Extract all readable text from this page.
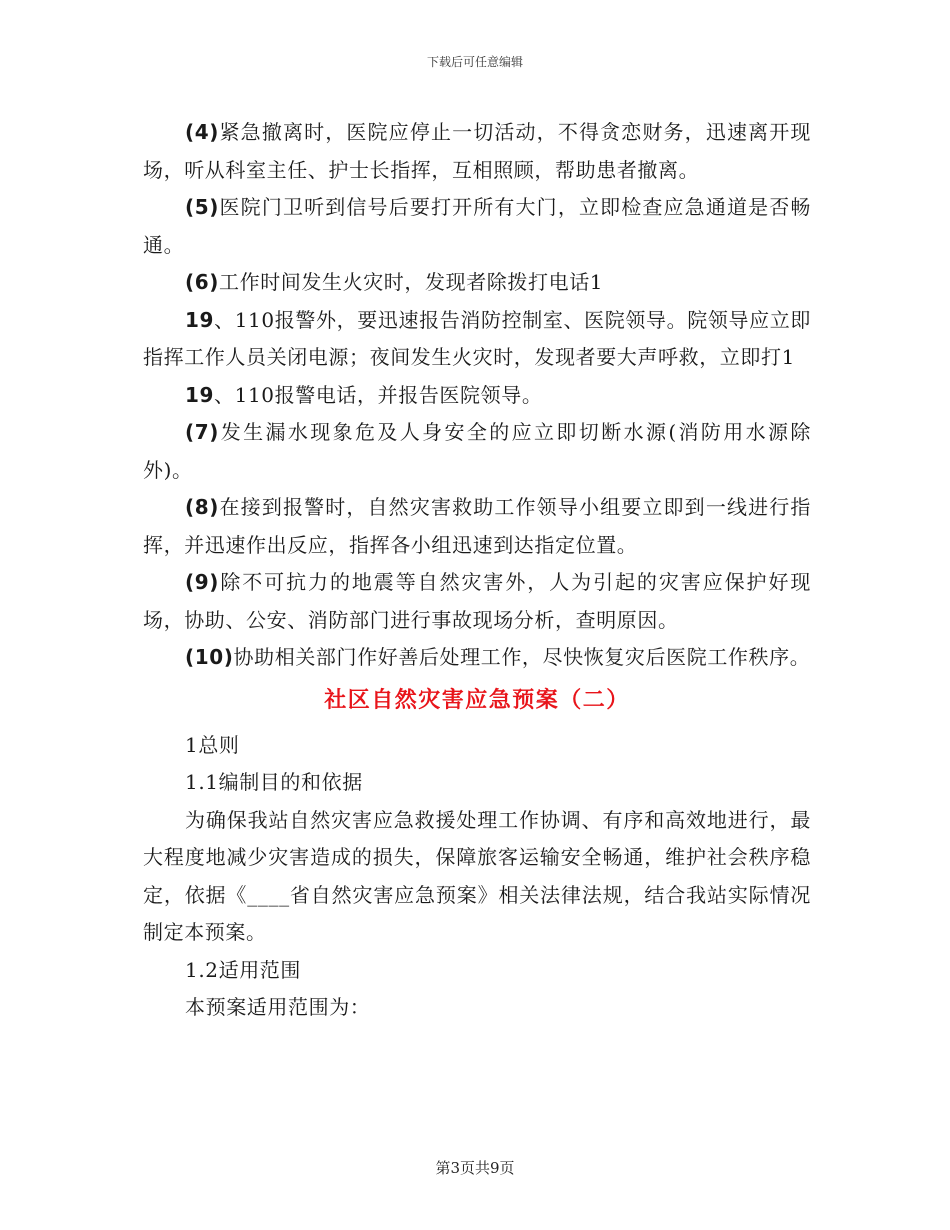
下载后可任意编辑

(4)紧急撤离时，医院应停止一切活动，不得贪恋财务，迅速离开现场，听从科室主任、护士长指挥，互相照顾，帮助患者撤离。

(5)医院门卫听到信号后要打开所有大门，立即检查应急通道是否畅通。

(6)工作时间发生火灾时，发现者除拨打电话1

19、110报警外，要迅速报告消防控制室、医院领导。院领导应立即指挥工作人员关闭电源；夜间发生火灾时，发现者要大声呼救，立即打1

19、110报警电话，并报告医院领导。

(7)发生漏水现象危及人身安全的应立即切断水源(消防用水源除外)。

(8)在接到报警时，自然灾害救助工作领导小组要立即到一线进行指挥，并迅速作出反应，指挥各小组迅速到达指定位置。

(9)除不可抗力的地震等自然灾害外，人为引起的灾害应保护好现场，协助、公安、消防部门进行事故现场分析，查明原因。

(10)协助相关部门作好善后处理工作，尽快恢复灾后医院工作秩序。

社区自然灾害应急预案（二）

1总则

1.1编制目的和依据

为确保我站自然灾害应急救援处理工作协调、有序和高效地进行，最大程度地减少灾害造成的损失，保障旅客运输安全畅通，维护社会秩序稳定，依据《____省自然灾害应急预案》相关法律法规，结合我站实际情况制定本预案。

1.2适用范围

本预案适用范围为：

第3页共9页
